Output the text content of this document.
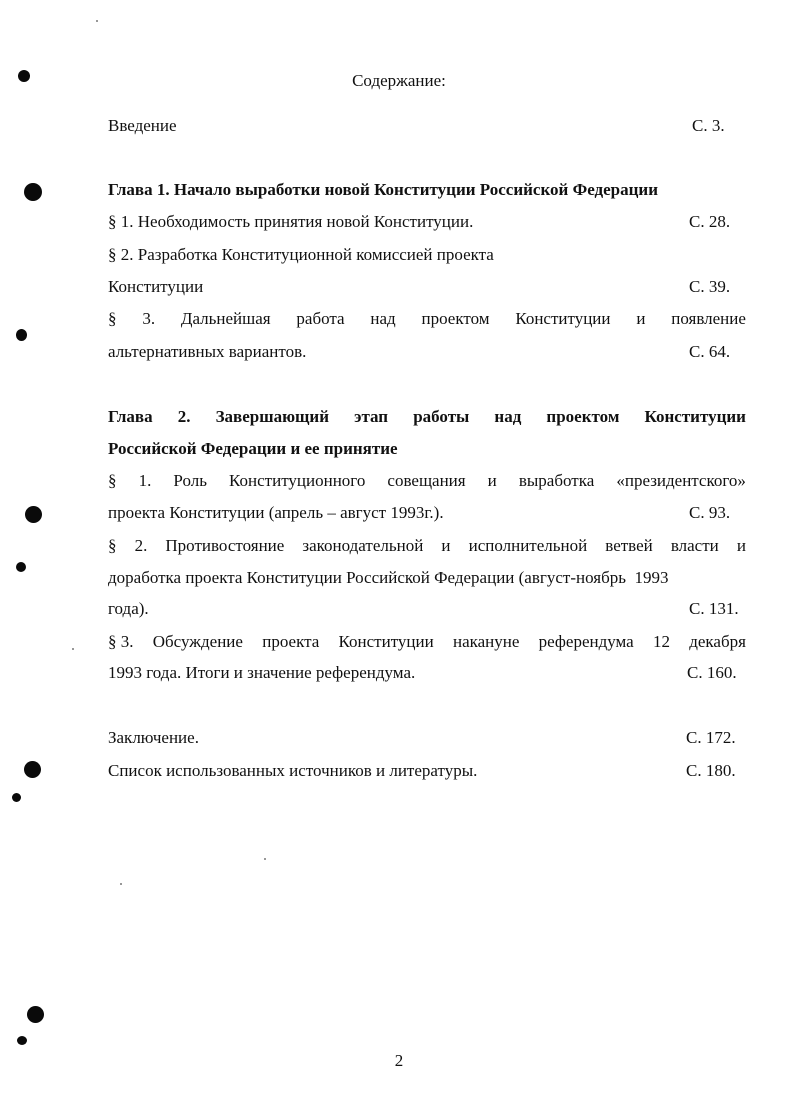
Содержание:
Введение	С. 3.
Глава 1. Начало выработки новой Конституции Российской Федерации
§ 1. Необходимость принятия новой Конституции.	С. 28.
§ 2. Разработка Конституционной комиссией проекта
Конституции	С. 39.
§ 3. Дальнейшая работа над проектом Конституции и появление
альтернативных вариантов.	С. 64.
Глава 2. Завершающий этап работы над проектом Конституции
Российской Федерации и ее принятие
§ 1. Роль Конституционного совещания и выработка «президентского»
проекта Конституции (апрель – август 1993г.).	С. 93.
§ 2. Противостояние законодательной и исполнительной ветвей власти и
доработка проекта Конституции Российской Федерации (август-ноябрь  1993
года).	С. 131.
§ 3. Обсуждение проекта Конституции накануне референдума 12 декабря
1993 года. Итоги и значение референдума.	С. 160.
Заключение.	С. 172.
Список использованных источников и литературы.	С. 180.
2
